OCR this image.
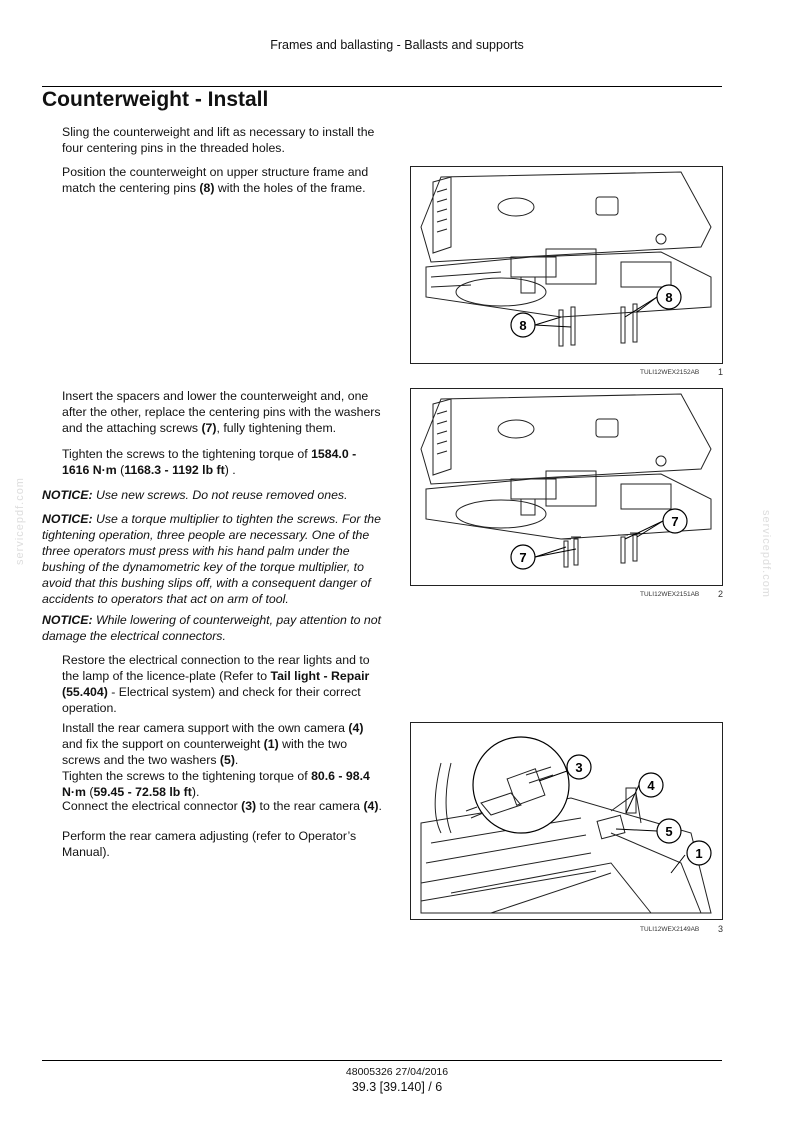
Frames and ballasting - Ballasts and supports
Counterweight - Install
Sling the counterweight and lift as necessary to install the four centering pins in the threaded holes.
Position the counterweight on upper structure frame and match the centering pins (8) with the holes of the frame.
8
8
TULI12WEX2152AB 1
Insert the spacers and lower the counterweight and, one after the other, replace the centering pins with the washers and the attaching screws (7), fully tightening them.
Tighten the screws to the tightening torque of 1584.0 - 1616 N·m (1168.3 - 1192 lb ft) .
7
7
TULI12WEX2151AB 2
NOTICE: Use new screws. Do not reuse removed ones.
NOTICE: Use a torque multiplier to tighten the screws. For the tightening operation, three people are necessary. One of the three operators must press with his hand palm under the bushing of the dynamometric key of the torque multiplier, to avoid that this bushing slips off, with a consequent danger of accidents to operators that act on arm of tool.
NOTICE: While lowering of counterweight, pay attention to not damage the electrical connectors.
Restore the electrical connection to the rear lights and to the lamp of the licence-plate (Refer to Tail light - Repair (55.404) - Electrical system) and check for their correct operation.
Install the rear camera support with the own camera (4) and fix the support on counterweight (1) with the two screws and the two washers (5).
Tighten the screws to the tightening torque of 80.6 - 98.4 N·m (59.45 - 72.58 lb ft).
Connect the electrical connector (3) to the rear camera (4).
Perform the rear camera adjusting (refer to Operator’s Manual).
3
4
5
1
TULI12WEX2149AB 3
servicepdf.com	servicepdf.com
48005326 27/04/2016
39.3 [39.140] / 6
